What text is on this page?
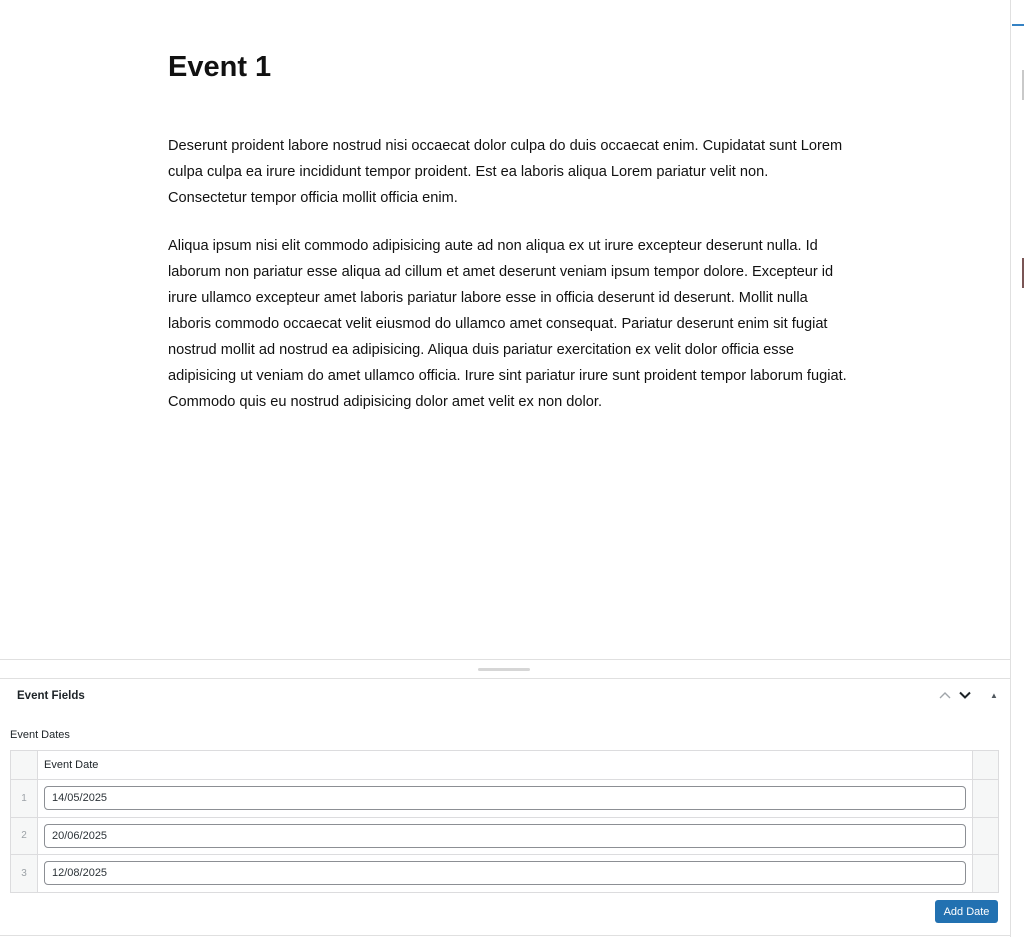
Event 1

Deserunt proident labore nostrud nisi occaecat dolor culpa do duis occaecat enim. Cupidatat sunt Lorem culpa culpa ea irure incididunt tempor proident. Est ea laboris aliqua Lorem pariatur velit non. Consectetur tempor officia mollit officia enim.

Aliqua ipsum nisi elit commodo adipisicing aute ad non aliqua ex ut irure excepteur deserunt nulla. Id laborum non pariatur esse aliqua ad cillum et amet deserunt veniam ipsum tempor dolore. Excepteur id irure ullamco excepteur amet laboris pariatur labore esse in officia deserunt id deserunt. Mollit nulla laboris commodo occaecat velit eiusmod do ullamco amet consequat. Pariatur deserunt enim sit fugiat nostrud mollit ad nostrud ea adipisicing. Aliqua duis pariatur exercitation ex velit dolor officia esse adipisicing ut veniam do amet ullamco officia. Irure sint pariatur irure sunt proident tempor laborum fugiat. Commodo quis eu nostrud adipisicing dolor amet velit ex non dolor.

Event Fields	▲
Event Dates
	Event Date	
1	14/05/2025	
2	20/06/2025	
3	12/08/2025	
Add Date
